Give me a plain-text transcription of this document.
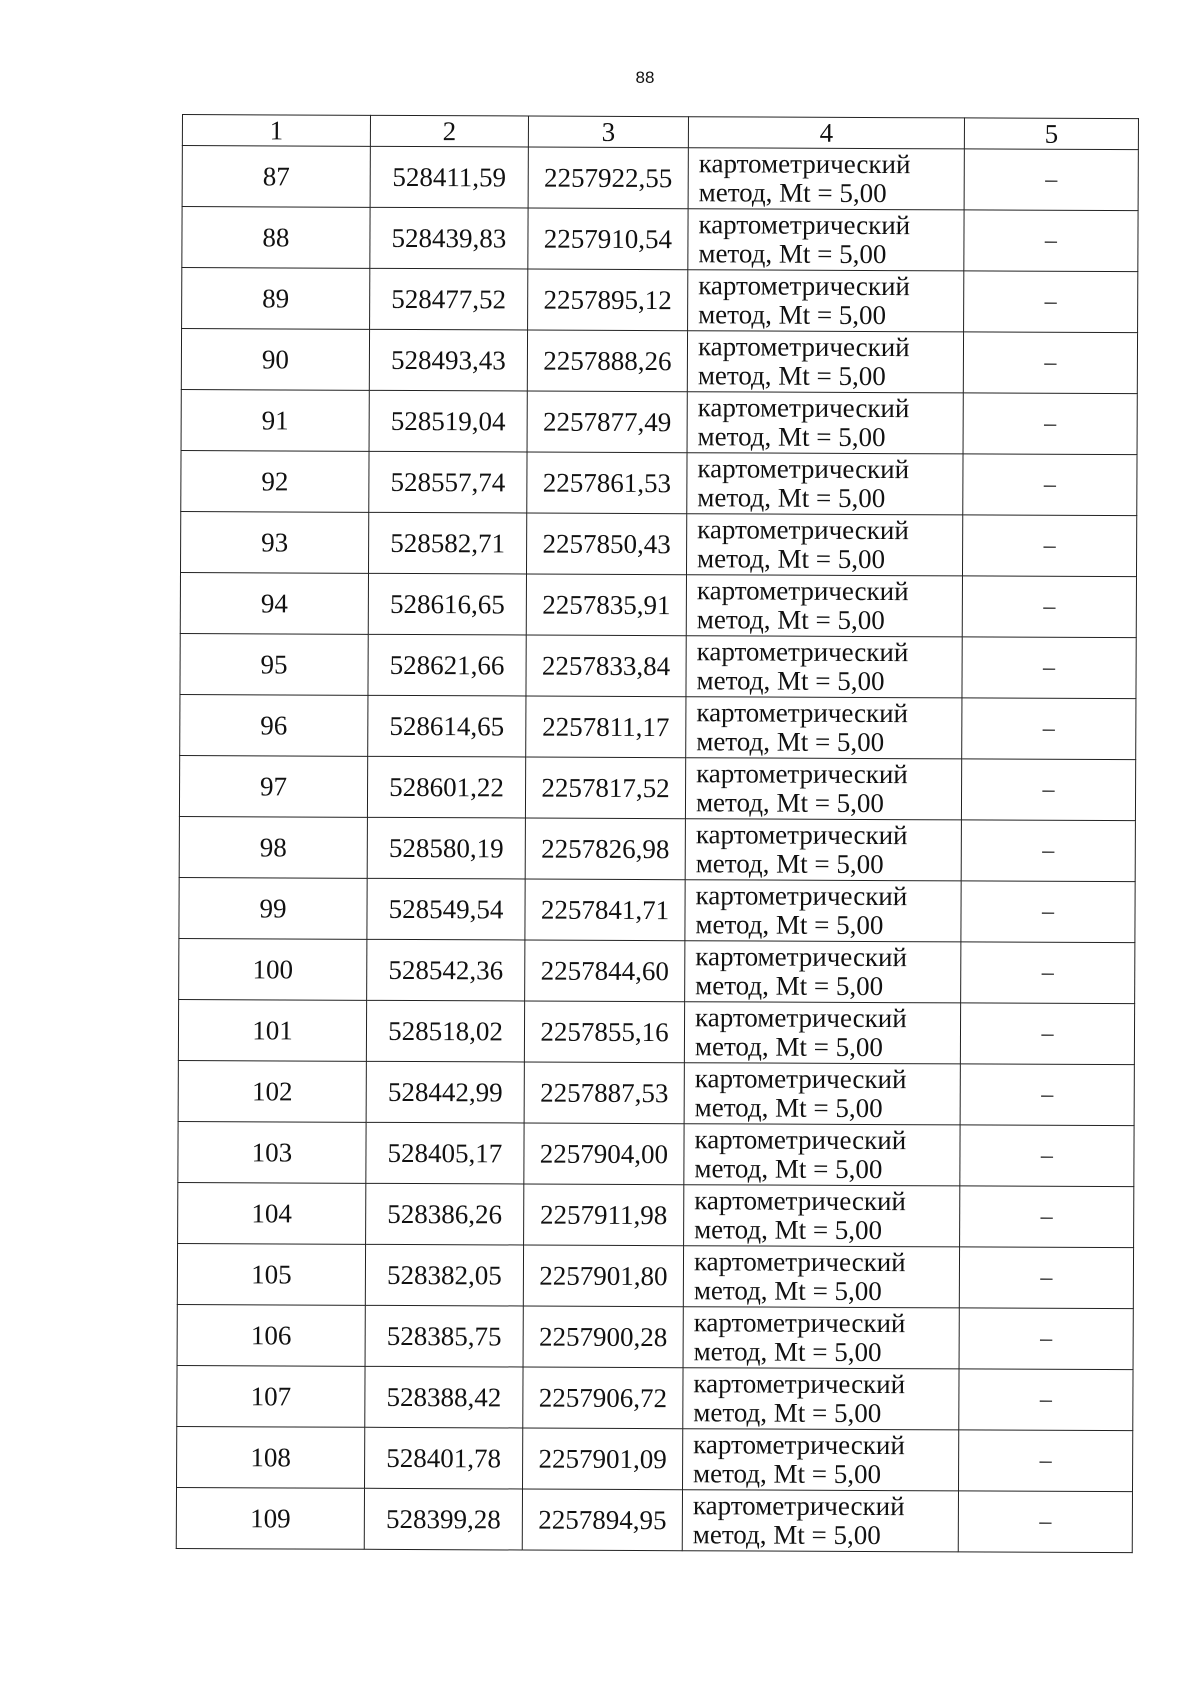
88
1	2	3	4	5
87	528411,59	2257922,55	картометрический
метод, Mt = 5,00	–
88	528439,83	2257910,54	картометрический
метод, Mt = 5,00	–
89	528477,52	2257895,12	картометрический
метод, Mt = 5,00	–
90	528493,43	2257888,26	картометрический
метод, Mt = 5,00	–
91	528519,04	2257877,49	картометрический
метод, Mt = 5,00	–
92	528557,74	2257861,53	картометрический
метод, Mt = 5,00	–
93	528582,71	2257850,43	картометрический
метод, Mt = 5,00	–
94	528616,65	2257835,91	картометрический
метод, Mt = 5,00	–
95	528621,66	2257833,84	картометрический
метод, Mt = 5,00	–
96	528614,65	2257811,17	картометрический
метод, Mt = 5,00	–
97	528601,22	2257817,52	картометрический
метод, Mt = 5,00	–
98	528580,19	2257826,98	картометрический
метод, Mt = 5,00	–
99	528549,54	2257841,71	картометрический
метод, Mt = 5,00	–
100	528542,36	2257844,60	картометрический
метод, Mt = 5,00	–
101	528518,02	2257855,16	картометрический
метод, Mt = 5,00	–
102	528442,99	2257887,53	картометрический
метод, Mt = 5,00	–
103	528405,17	2257904,00	картометрический
метод, Mt = 5,00	–
104	528386,26	2257911,98	картометрический
метод, Mt = 5,00	–
105	528382,05	2257901,80	картометрический
метод, Mt = 5,00	–
106	528385,75	2257900,28	картометрический
метод, Mt = 5,00	–
107	528388,42	2257906,72	картометрический
метод, Mt = 5,00	–
108	528401,78	2257901,09	картометрический
метод, Mt = 5,00	–
109	528399,28	2257894,95	картометрический
метод, Mt = 5,00	–
